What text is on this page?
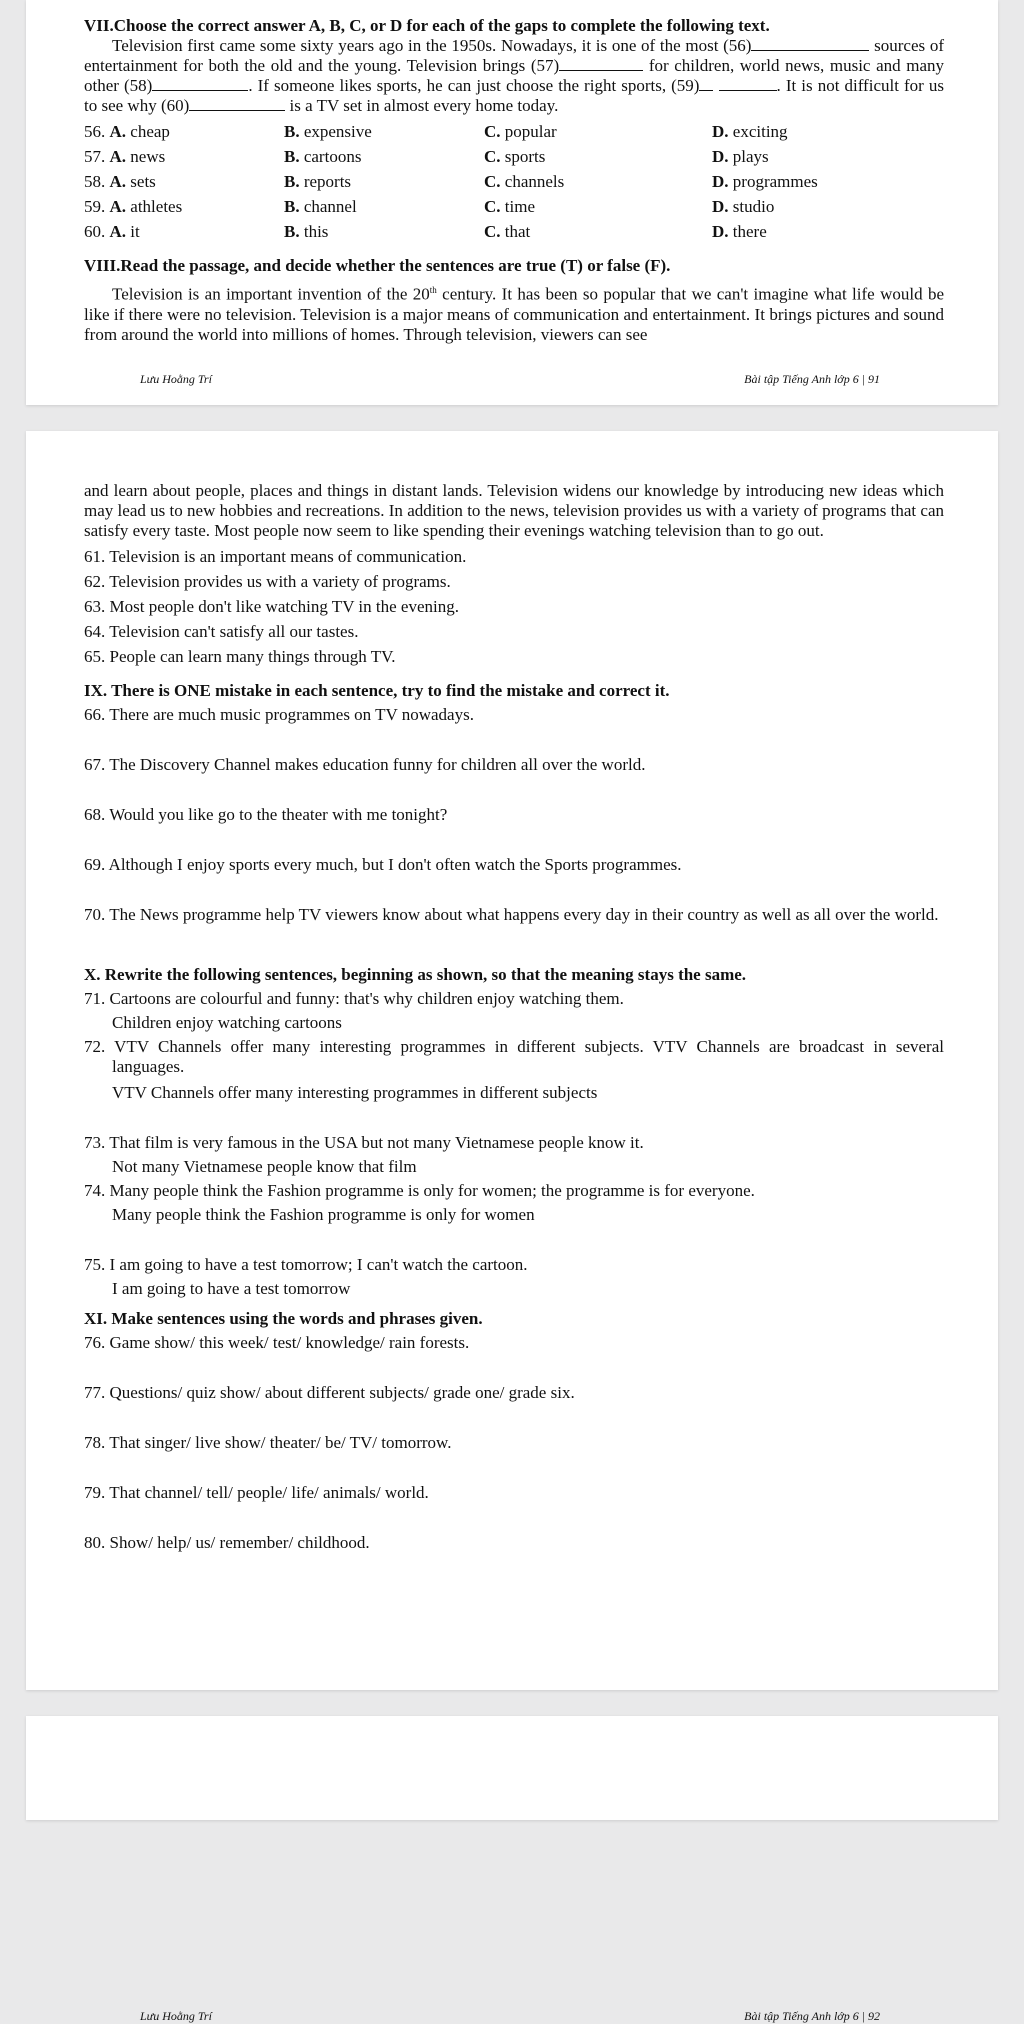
VII.Choose the correct answer A, B, C, or D for each of the gaps to complete the following text.

Television first came some sixty years ago in the 1950s. Nowadays, it is one of the most (56)	sources of entertainment for both the old and the young. Television brings (57)	for children, world news, music and many other (58)	. If someone likes sports, he can just choose the right sports, (59)	. It is not difficult for us to see why (60)	is a TV set in almost every home today.

56. A. cheap	B. expensive	C. popular	D. exciting
57. A. news	B. cartoons	C. sports	D. plays
58. A. sets	B. reports	C. channels	D. programmes
59. A. athletes	B. channel	C. time	D. studio
60. A. it	B. this	C. that	D. there

VIII.Read the passage, and decide whether the sentences are true (T) or false (F).

Television is an important invention of the 20th century. It has been so popular that we can't imagine what life would be like if there were no television. Television is a major means of communication and entertainment. It brings pictures and sound from around the world into millions of homes. Through television, viewers can see

Lưu Hoằng Trí	Bài tập Tiếng Anh lớp 6 | 91

and learn about people, places and things in distant lands. Television widens our knowledge by introducing new ideas which may lead us to new hobbies and recreations. In addition to the news, television provides us with a variety of programs that can satisfy every taste. Most people now seem to like spending their evenings watching television than to go out.

61. Television is an important means of communication.

62. Television provides us with a variety of programs.

63. Most people don't like watching TV in the evening.

64. Television can't satisfy all our tastes.

65. People can learn many things through TV.

IX. There is ONE mistake in each sentence, try to find the mistake and correct it.

66. There are much music programmes on TV nowadays.

67. The Discovery Channel makes education funny for children all over the world.

68. Would you like go to the theater with me tonight?

69. Although I enjoy sports every much, but I don't often watch the Sports programmes.

70. The News programme help TV viewers know about what happens every day in their country as well as all over the world.

X. Rewrite the following sentences, beginning as shown, so that the meaning stays the same.

71. Cartoons are colourful and funny: that's why children enjoy watching them.

Children enjoy watching cartoons

72. VTV Channels offer many interesting programmes in different subjects. VTV Channels are broadcast in several languages.

VTV Channels offer many interesting programmes in different subjects

73. That film is very famous in the USA but not many Vietnamese people know it.

Not many Vietnamese people know that film

74. Many people think the Fashion programme is only for women; the programme is for everyone.

Many people think the Fashion programme is only for women

75. I am going to have a test tomorrow; I can't watch the cartoon.

I am going to have a test tomorrow

XI. Make sentences using the words and phrases given.

76. Game show/ this week/ test/ knowledge/ rain forests.

77. Questions/ quiz show/ about different subjects/ grade one/ grade six.

78. That singer/ live show/ theater/ be/ TV/ tomorrow.

79. That channel/ tell/ people/ life/ animals/ world.

80. Show/ help/ us/ remember/ childhood.

Lưu Hoằng Trí	Bài tập Tiếng Anh lớp 6 | 92
